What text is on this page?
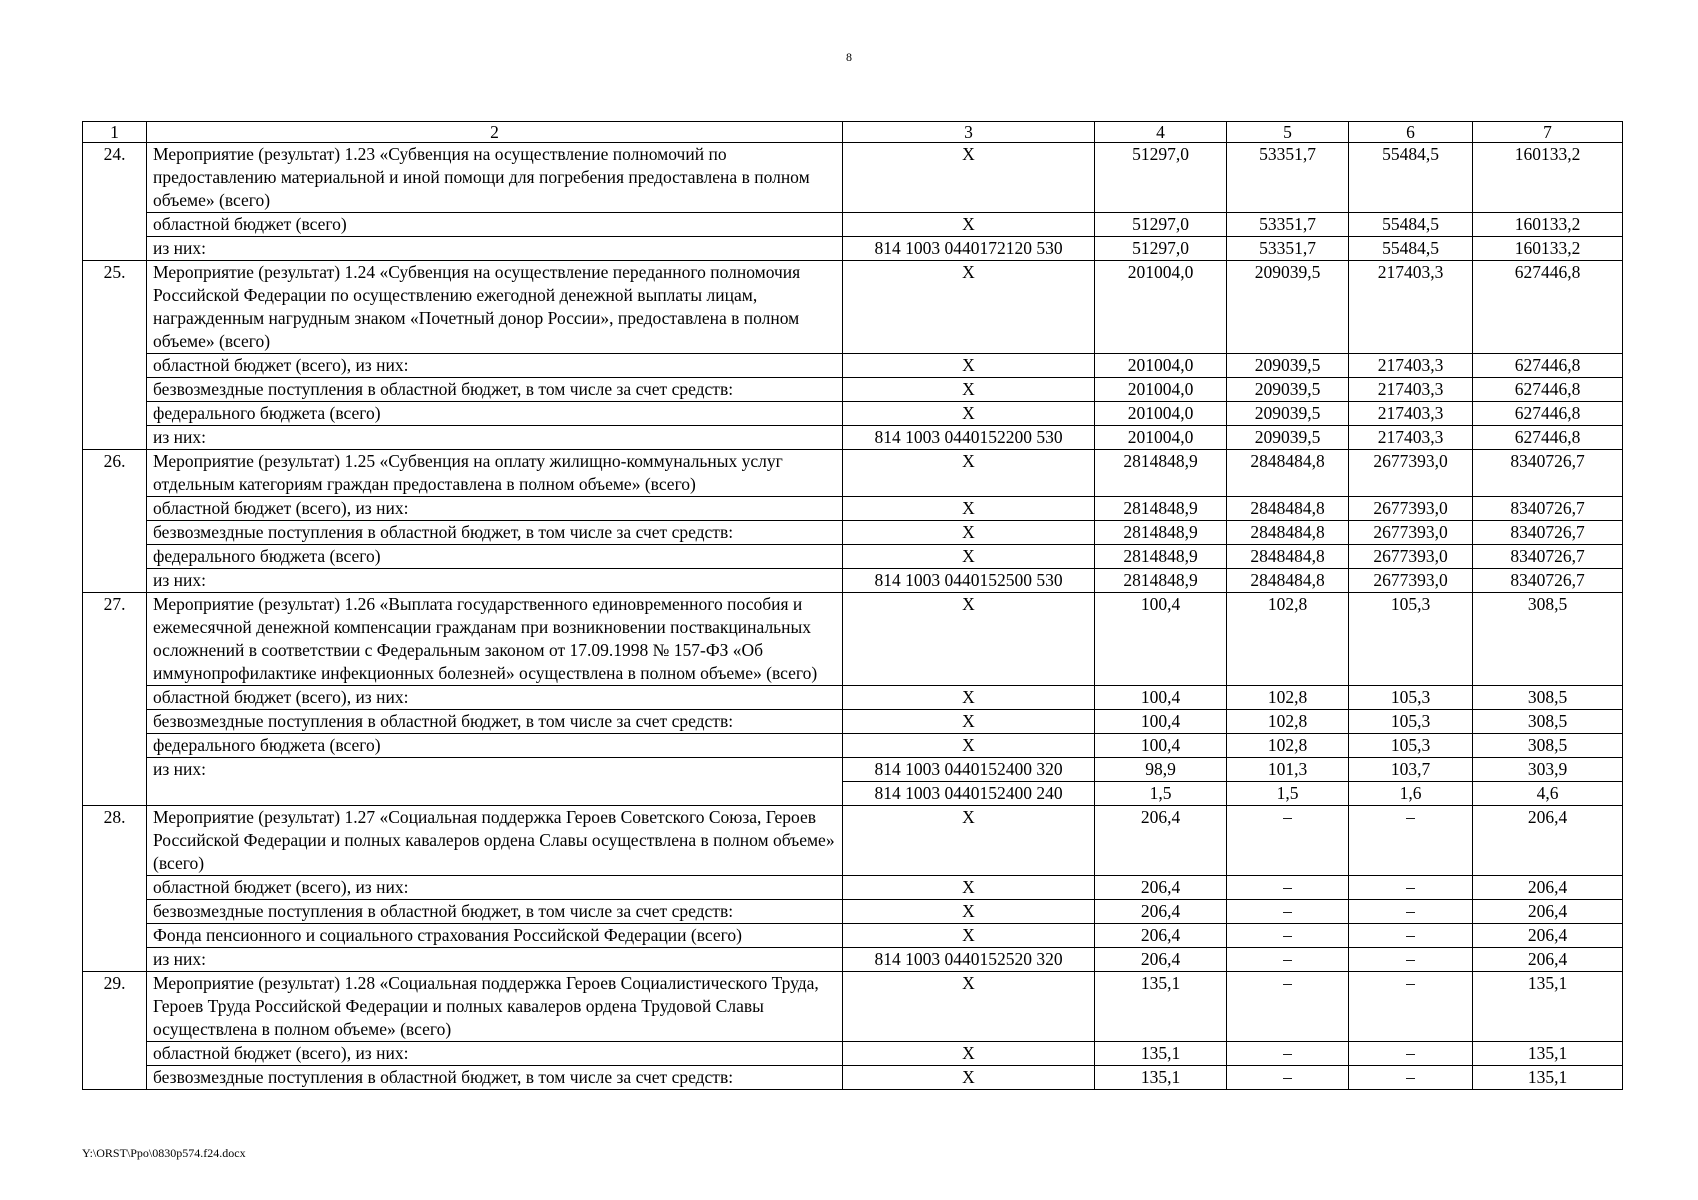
8
1	2	3	4	5	6	7
24.	Мероприятие (результат) 1.23 «Субвенция на осуществление полномочий по предоставлению материальной и иной помощи для погребения предоставлена в полном объеме» (всего)	X	51297,0	53351,7	55484,5	160133,2
	областной бюджет (всего)	X	51297,0	53351,7	55484,5	160133,2
	из них:	814 1003 0440172120 530	51297,0	53351,7	55484,5	160133,2
25.	Мероприятие (результат) 1.24 «Субвенция на осуществление переданного полномочия Российской Федерации по осуществлению ежегодной денежной выплаты лицам, награжденным нагрудным знаком «Почетный донор России», предоставлена в полном объеме» (всего)	X	201004,0	209039,5	217403,3	627446,8
	областной бюджет (всего), из них:	X	201004,0	209039,5	217403,3	627446,8
	безвозмездные поступления в областной бюджет, в том числе за счет средств:	X	201004,0	209039,5	217403,3	627446,8
	федерального бюджета (всего)	X	201004,0	209039,5	217403,3	627446,8
	из них:	814 1003 0440152200 530	201004,0	209039,5	217403,3	627446,8
26.	Мероприятие (результат) 1.25 «Субвенция на оплату жилищно-коммунальных услуг отдельным категориям граждан предоставлена в полном объеме» (всего)	X	2814848,9	2848484,8	2677393,0	8340726,7
	областной бюджет (всего), из них:	X	2814848,9	2848484,8	2677393,0	8340726,7
	безвозмездные поступления в областной бюджет, в том числе за счет средств:	X	2814848,9	2848484,8	2677393,0	8340726,7
	федерального бюджета (всего)	X	2814848,9	2848484,8	2677393,0	8340726,7
	из них:	814 1003 0440152500 530	2814848,9	2848484,8	2677393,0	8340726,7
27.	Мероприятие (результат) 1.26 «Выплата государственного единовременного пособия и ежемесячной денежной компенсации гражданам при возникновении поствакцинальных осложнений в соответствии с Федеральным законом от 17.09.1998 № 157-ФЗ «Об иммунопрофилактике инфекционных болезней» осуществлена в полном объеме» (всего)	X	100,4	102,8	105,3	308,5
	областной бюджет (всего), из них:	X	100,4	102,8	105,3	308,5
	безвозмездные поступления в областной бюджет, в том числе за счет средств:	X	100,4	102,8	105,3	308,5
	федерального бюджета (всего)	X	100,4	102,8	105,3	308,5
	из них:	814 1003 0440152400 320	98,9	101,3	103,7	303,9
		814 1003 0440152400 240	1,5	1,5	1,6	4,6
28.	Мероприятие (результат) 1.27 «Социальная поддержка Героев Советского Союза, Героев Российской Федерации и полных кавалеров ордена Славы осуществлена в полном объеме» (всего)	X	206,4	–	–	206,4
	областной бюджет (всего), из них:	X	206,4	–	–	206,4
	безвозмездные поступления в областной бюджет, в том числе за счет средств:	X	206,4	–	–	206,4
	Фонда пенсионного и социального страхования Российской Федерации (всего)	X	206,4	–	–	206,4
	из них:	814 1003 0440152520 320	206,4	–	–	206,4
29.	Мероприятие (результат) 1.28 «Социальная поддержка Героев Социалистического Труда, Героев Труда Российской Федерации и полных кавалеров ордена Трудовой Славы осуществлена в полном объеме» (всего)	X	135,1	–	–	135,1
	областной бюджет (всего), из них:	X	135,1	–	–	135,1
	безвозмездные поступления в областной бюджет, в том числе за счет средств:	X	135,1	–	–	135,1
Y:\ORST\Ppo\0830p574.f24.docx
